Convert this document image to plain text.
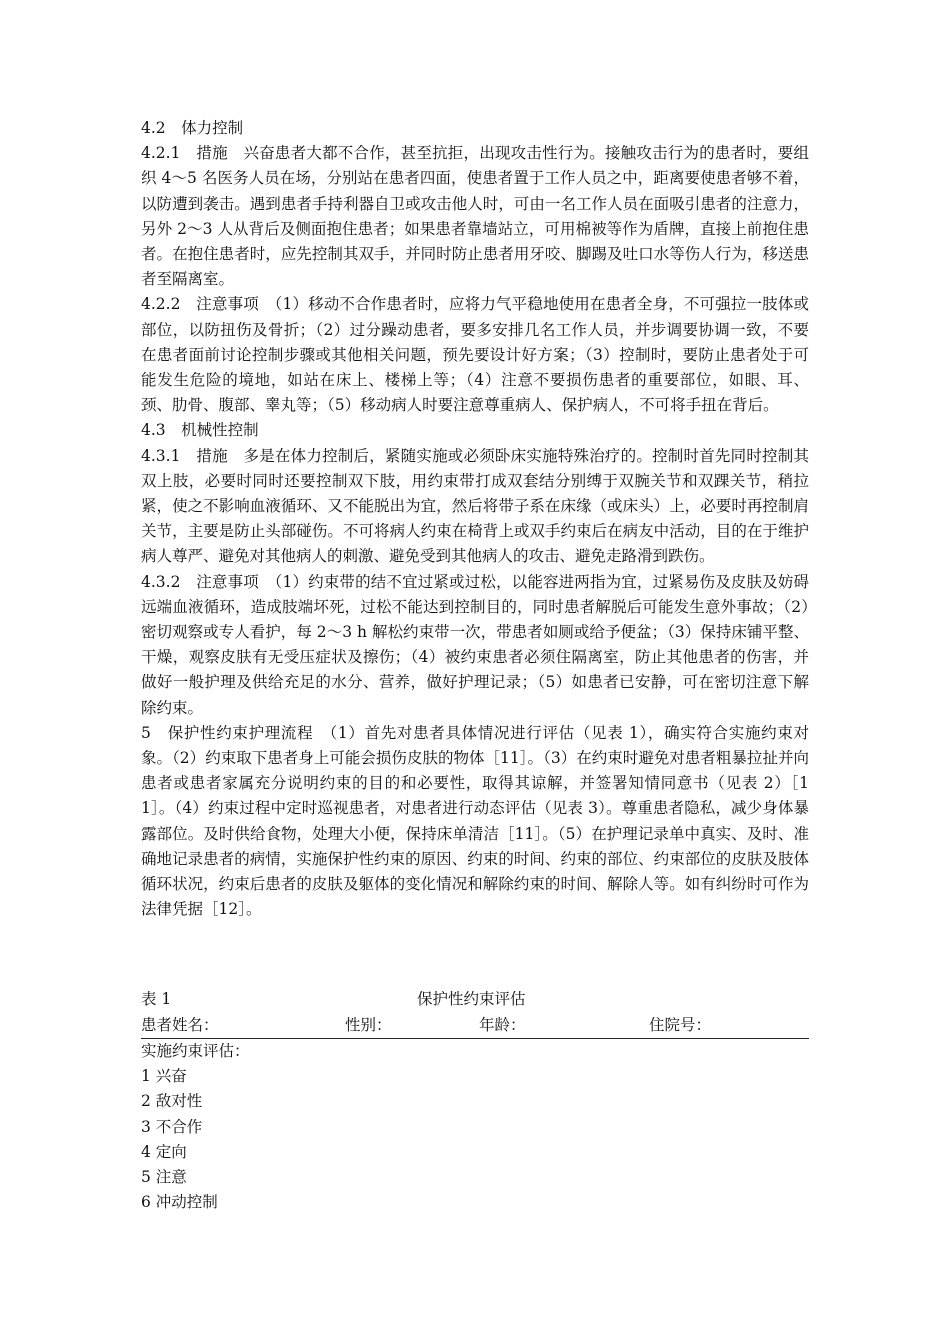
4.2　体力控制

4.2.1　措施　兴奋患者大都不合作，甚至抗拒，出现攻击性行为。接触攻击行为的患者时，要组织 4～5 名医务人员在场，分别站在患者四面，使患者置于工作人员之中，距离要使患者够不着，以防遭到袭击。遇到患者手持利器自卫或攻击他人时，可由一名工作人员在面吸引患者的注意力，另外 2～3 人从背后及侧面抱住患者；如果患者靠墙站立，可用棉被等作为盾牌，直接上前抱住患者。在抱住患者时，应先控制其双手，并同时防止患者用牙咬、脚踢及吐口水等伤人行为，移送患者至隔离室。

4.2.2　注意事项　（1）移动不合作患者时，应将力气平稳地使用在患者全身，不可强拉一肢体或部位，以防扭伤及骨折；（2）过分躁动患者，要多安排几名工作人员，并步调要协调一致，不要在患者面前讨论控制步骤或其他相关问题，预先要设计好方案；（3）控制时，要防止患者处于可能发生危险的境地，如站在床上、楼梯上等；（4）注意不要损伤患者的重要部位，如眼、耳、颈、肋骨、腹部、睾丸等；（5）移动病人时要注意尊重病人、保护病人，不可将手扭在背后。

4.3　机械性控制

4.3.1　措施　多是在体力控制后，紧随实施或必须卧床实施特殊治疗的。控制时首先同时控制其双上肢，必要时同时还要控制双下肢，用约束带打成双套结分别缚于双腕关节和双踝关节，稍拉紧，使之不影响血液循环、又不能脱出为宜，然后将带子系在床缘（或床头）上，必要时再控制肩关节，主要是防止头部碰伤。不可将病人约束在椅背上或双手约束后在病友中活动，目的在于维护病人尊严、避免对其他病人的刺激、避免受到其他病人的攻击、避免走路滑到跌伤。

4.3.2　注意事项　（1）约束带的结不宜过紧或过松，以能容进两指为宜，过紧易伤及皮肤及妨碍远端血液循环，造成肢端坏死，过松不能达到控制目的，同时患者解脱后可能发生意外事故；（2）密切观察或专人看护，每 2～3 h 解松约束带一次，带患者如厕或给予便盆；（3）保持床铺平整、干燥，观察皮肤有无受压症状及擦伤；（4）被约束患者必须住隔离室，防止其他患者的伤害，并做好一般护理及供给充足的水分、营养，做好护理记录；（5）如患者已安静，可在密切注意下解除约束。

5　保护性约束护理流程　（1）首先对患者具体情况进行评估（见表 1），确实符合实施约束对象。（2）约束取下患者身上可能会损伤皮肤的物体［11］。（3）在约束时避免对患者粗暴拉扯并向患者或患者家属充分说明约束的目的和必要性，取得其谅解，并签署知情同意书（见表 2）［11］。（4）约束过程中定时巡视患者，对患者进行动态评估（见表 3）。尊重患者隐私，减少身体暴露部位。及时供给食物，处理大小便，保持床单清洁［11］。（5）在护理记录单中真实、及时、准确地记录患者的病情，实施保护性约束的原因、约束的时间、约束的部位、约束部位的皮肤及肢体循环状况，约束后患者的皮肤及躯体的变化情况和解除约束的时间、解除人等。如有纠纷时可作为法律凭据［12］。

表 1	保护性约束评估
患者姓名：	性别：	年龄：	住院号：
实施约束评估：
1 兴奋
2 敌对性
3 不合作
4 定向
5 注意
6 冲动控制
